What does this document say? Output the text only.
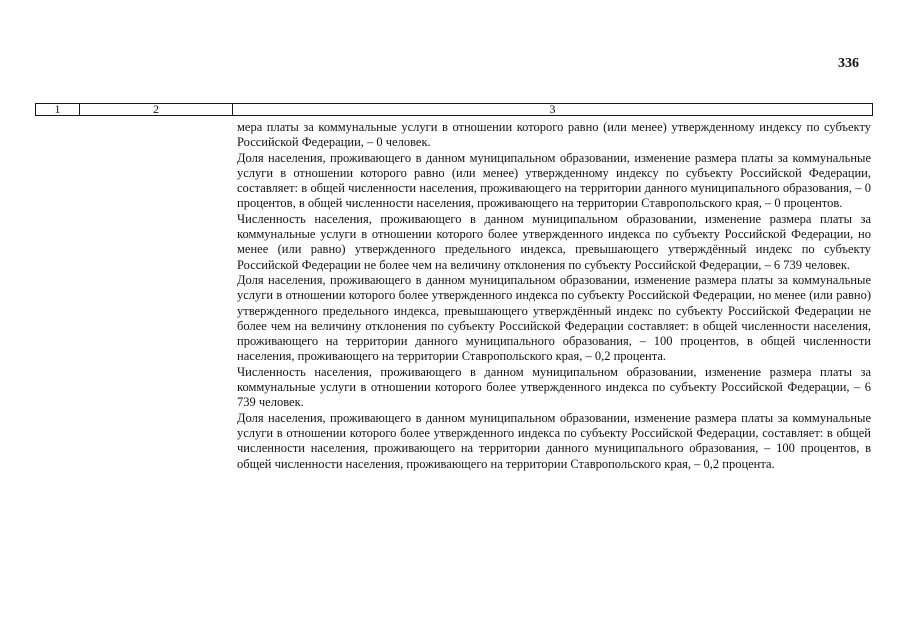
336
1	2	3

мера платы за коммунальные услуги в отношении которого равно (или менее) утвержденному индексу по субъекту Российской Федерации, – 0 человек.

Доля населения, проживающего в данном муниципальном образовании, изменение размера платы за коммунальные услуги в отношении которого равно (или менее) утвержденному индексу по субъекту Российской Федерации, составляет: в общей численности населения, проживающего на территории данного муниципального образования, – 0 процентов, в общей численности населения, проживающего на территории Ставропольского края, – 0 процентов.

Численность населения, проживающего в данном муниципальном образовании, изменение размера платы за коммунальные услуги в отношении которого более утвержденного индекса по субъекту Российской Федерации, но менее (или равно) утвержденного предельного индекса, превышающего утверждённый индекс по субъекту Российской Федерации не более чем на величину отклонения по субъекту Российской Федерации, – 6 739 человек.

Доля населения, проживающего в данном муниципальном образовании, изменение размера платы за коммунальные услуги в отношении которого более утвержденного индекса по субъекту Российской Федерации, но менее (или равно) утвержденного предельного индекса, превышающего утверждённый индекс по субъекту Российской Федерации не более чем на величину отклонения по субъекту Российской Федерации составляет: в общей численности населения, проживающего на территории данного муниципального образования, – 100 процентов, в общей численности населения, проживающего на территории Ставропольского края, – 0,2 процента.

Численность населения, проживающего в данном муниципальном образовании, изменение размера платы за коммунальные услуги в отношении которого более утвержденного индекса по субъекту Российской Федерации, – 6 739 человек.

Доля населения, проживающего в данном муниципальном образовании, изменение размера платы за коммунальные услуги в отношении которого более утвержденного индекса по субъекту Российской Федерации, составляет: в общей численности населения, проживающего на территории данного муниципального образования, – 100 процентов, в общей численности населения, проживающего на территории Ставропольского края, – 0,2 процента.
